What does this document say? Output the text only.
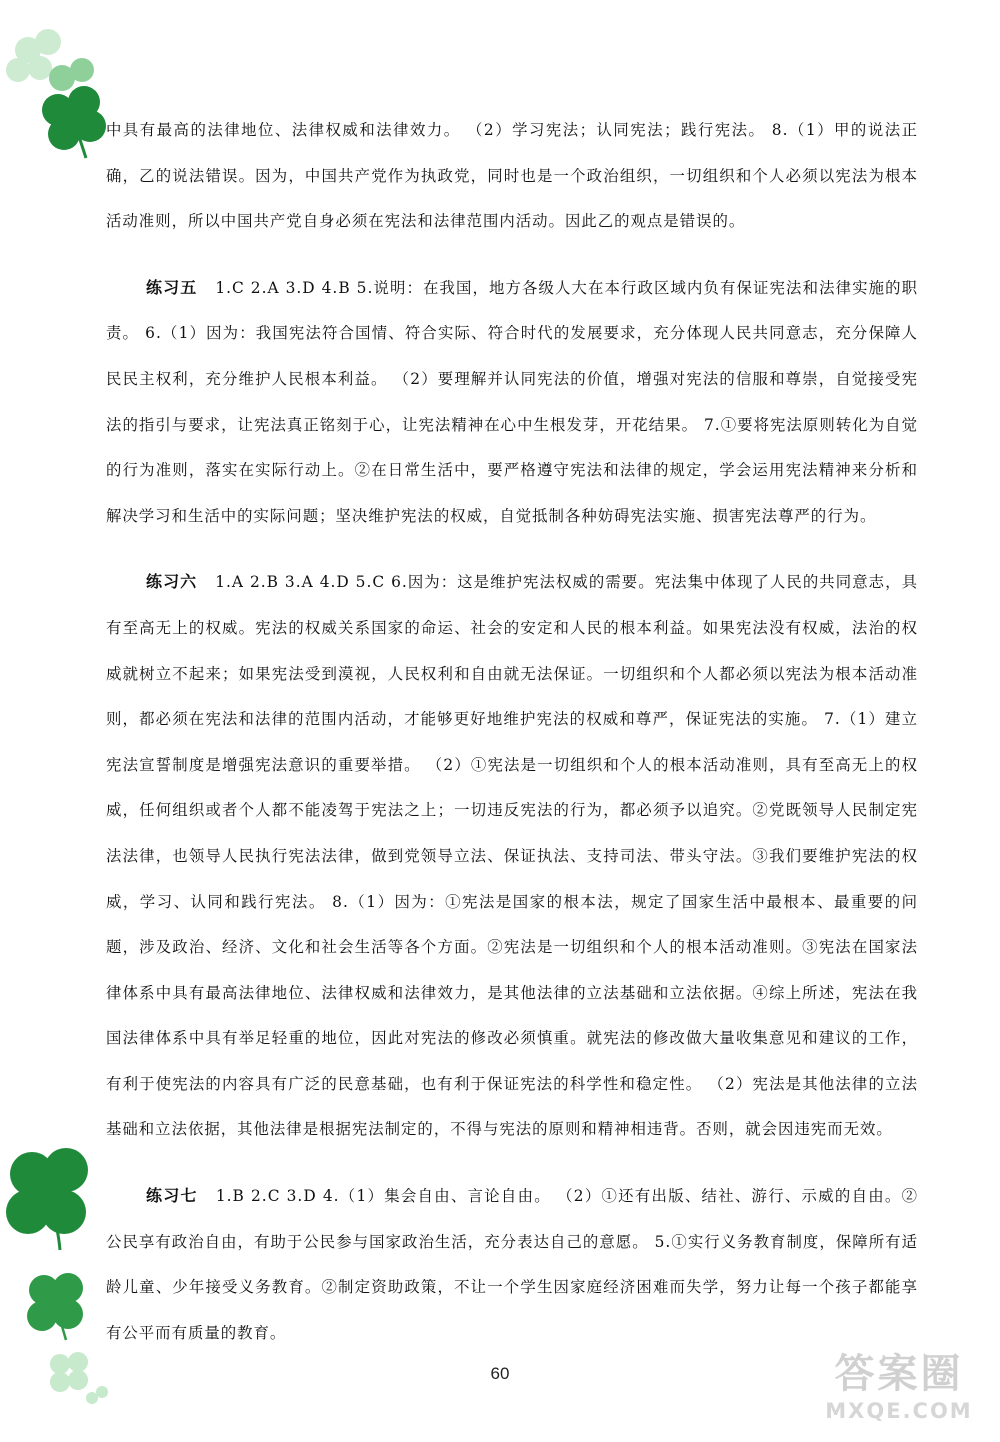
中具有最高的法律地位、法律权威和法律效力。 （2）学习宪法；认同宪法；践行宪法。 8.（1）甲的说法正确，乙的说法错误。因为，中国共产党作为执政党，同时也是一个政治组织，一切组织和个人必须以宪法为根本活动准则，所以中国共产党自身必须在宪法和法律范围内活动。因此乙的观点是错误的。

练习五 1.C 2.A 3.D 4.B 5.说明：在我国，地方各级人大在本行政区域内负有保证宪法和法律实施的职责。 6.（1）因为：我国宪法符合国情、符合实际、符合时代的发展要求，充分体现人民共同意志，充分保障人民民主权利，充分维护人民根本利益。 （2）要理解并认同宪法的价值，增强对宪法的信服和尊崇，自觉接受宪法的指引与要求，让宪法真正铭刻于心，让宪法精神在心中生根发芽，开花结果。 7.①要将宪法原则转化为自觉的行为准则，落实在实际行动上。②在日常生活中，要严格遵守宪法和法律的规定，学会运用宪法精神来分析和解决学习和生活中的实际问题；坚决维护宪法的权威，自觉抵制各种妨碍宪法实施、损害宪法尊严的行为。

练习六 1.A 2.B 3.A 4.D 5.C 6.因为：这是维护宪法权威的需要。宪法集中体现了人民的共同意志，具有至高无上的权威。宪法的权威关系国家的命运、社会的安定和人民的根本利益。如果宪法没有权威，法治的权威就树立不起来；如果宪法受到漠视，人民权利和自由就无法保证。一切组织和个人都必须以宪法为根本活动准则，都必须在宪法和法律的范围内活动，才能够更好地维护宪法的权威和尊严，保证宪法的实施。 7.（1）建立宪法宣誓制度是增强宪法意识的重要举措。 （2）①宪法是一切组织和个人的根本活动准则，具有至高无上的权威，任何组织或者个人都不能凌驾于宪法之上；一切违反宪法的行为，都必须予以追究。②党既领导人民制定宪法法律，也领导人民执行宪法法律，做到党领导立法、保证执法、支持司法、带头守法。③我们要维护宪法的权威，学习、认同和践行宪法。 8.（1）因为：①宪法是国家的根本法，规定了国家生活中最根本、最重要的问题，涉及政治、经济、文化和社会生活等各个方面。②宪法是一切组织和个人的根本活动准则。③宪法在国家法律体系中具有最高法律地位、法律权威和法律效力，是其他法律的立法基础和立法依据。④综上所述，宪法在我国法律体系中具有举足轻重的地位，因此对宪法的修改必须慎重。就宪法的修改做大量收集意见和建议的工作，有利于使宪法的内容具有广泛的民意基础，也有利于保证宪法的科学性和稳定性。 （2）宪法是其他法律的立法基础和立法依据，其他法律是根据宪法制定的，不得与宪法的原则和精神相违背。否则，就会因违宪而无效。

练习七 1.B 2.C 3.D 4.（1）集会自由、言论自由。 （2）①还有出版、结社、游行、示威的自由。②公民享有政治自由，有助于公民参与国家政治生活，充分表达自己的意愿。 5.①实行义务教育制度，保障所有适龄儿童、少年接受义务教育。②制定资助政策，不让一个学生因家庭经济困难而失学，努力让每一个孩子都能享有公平而有质量的教育。

60	答案圈
MXQE.COM
